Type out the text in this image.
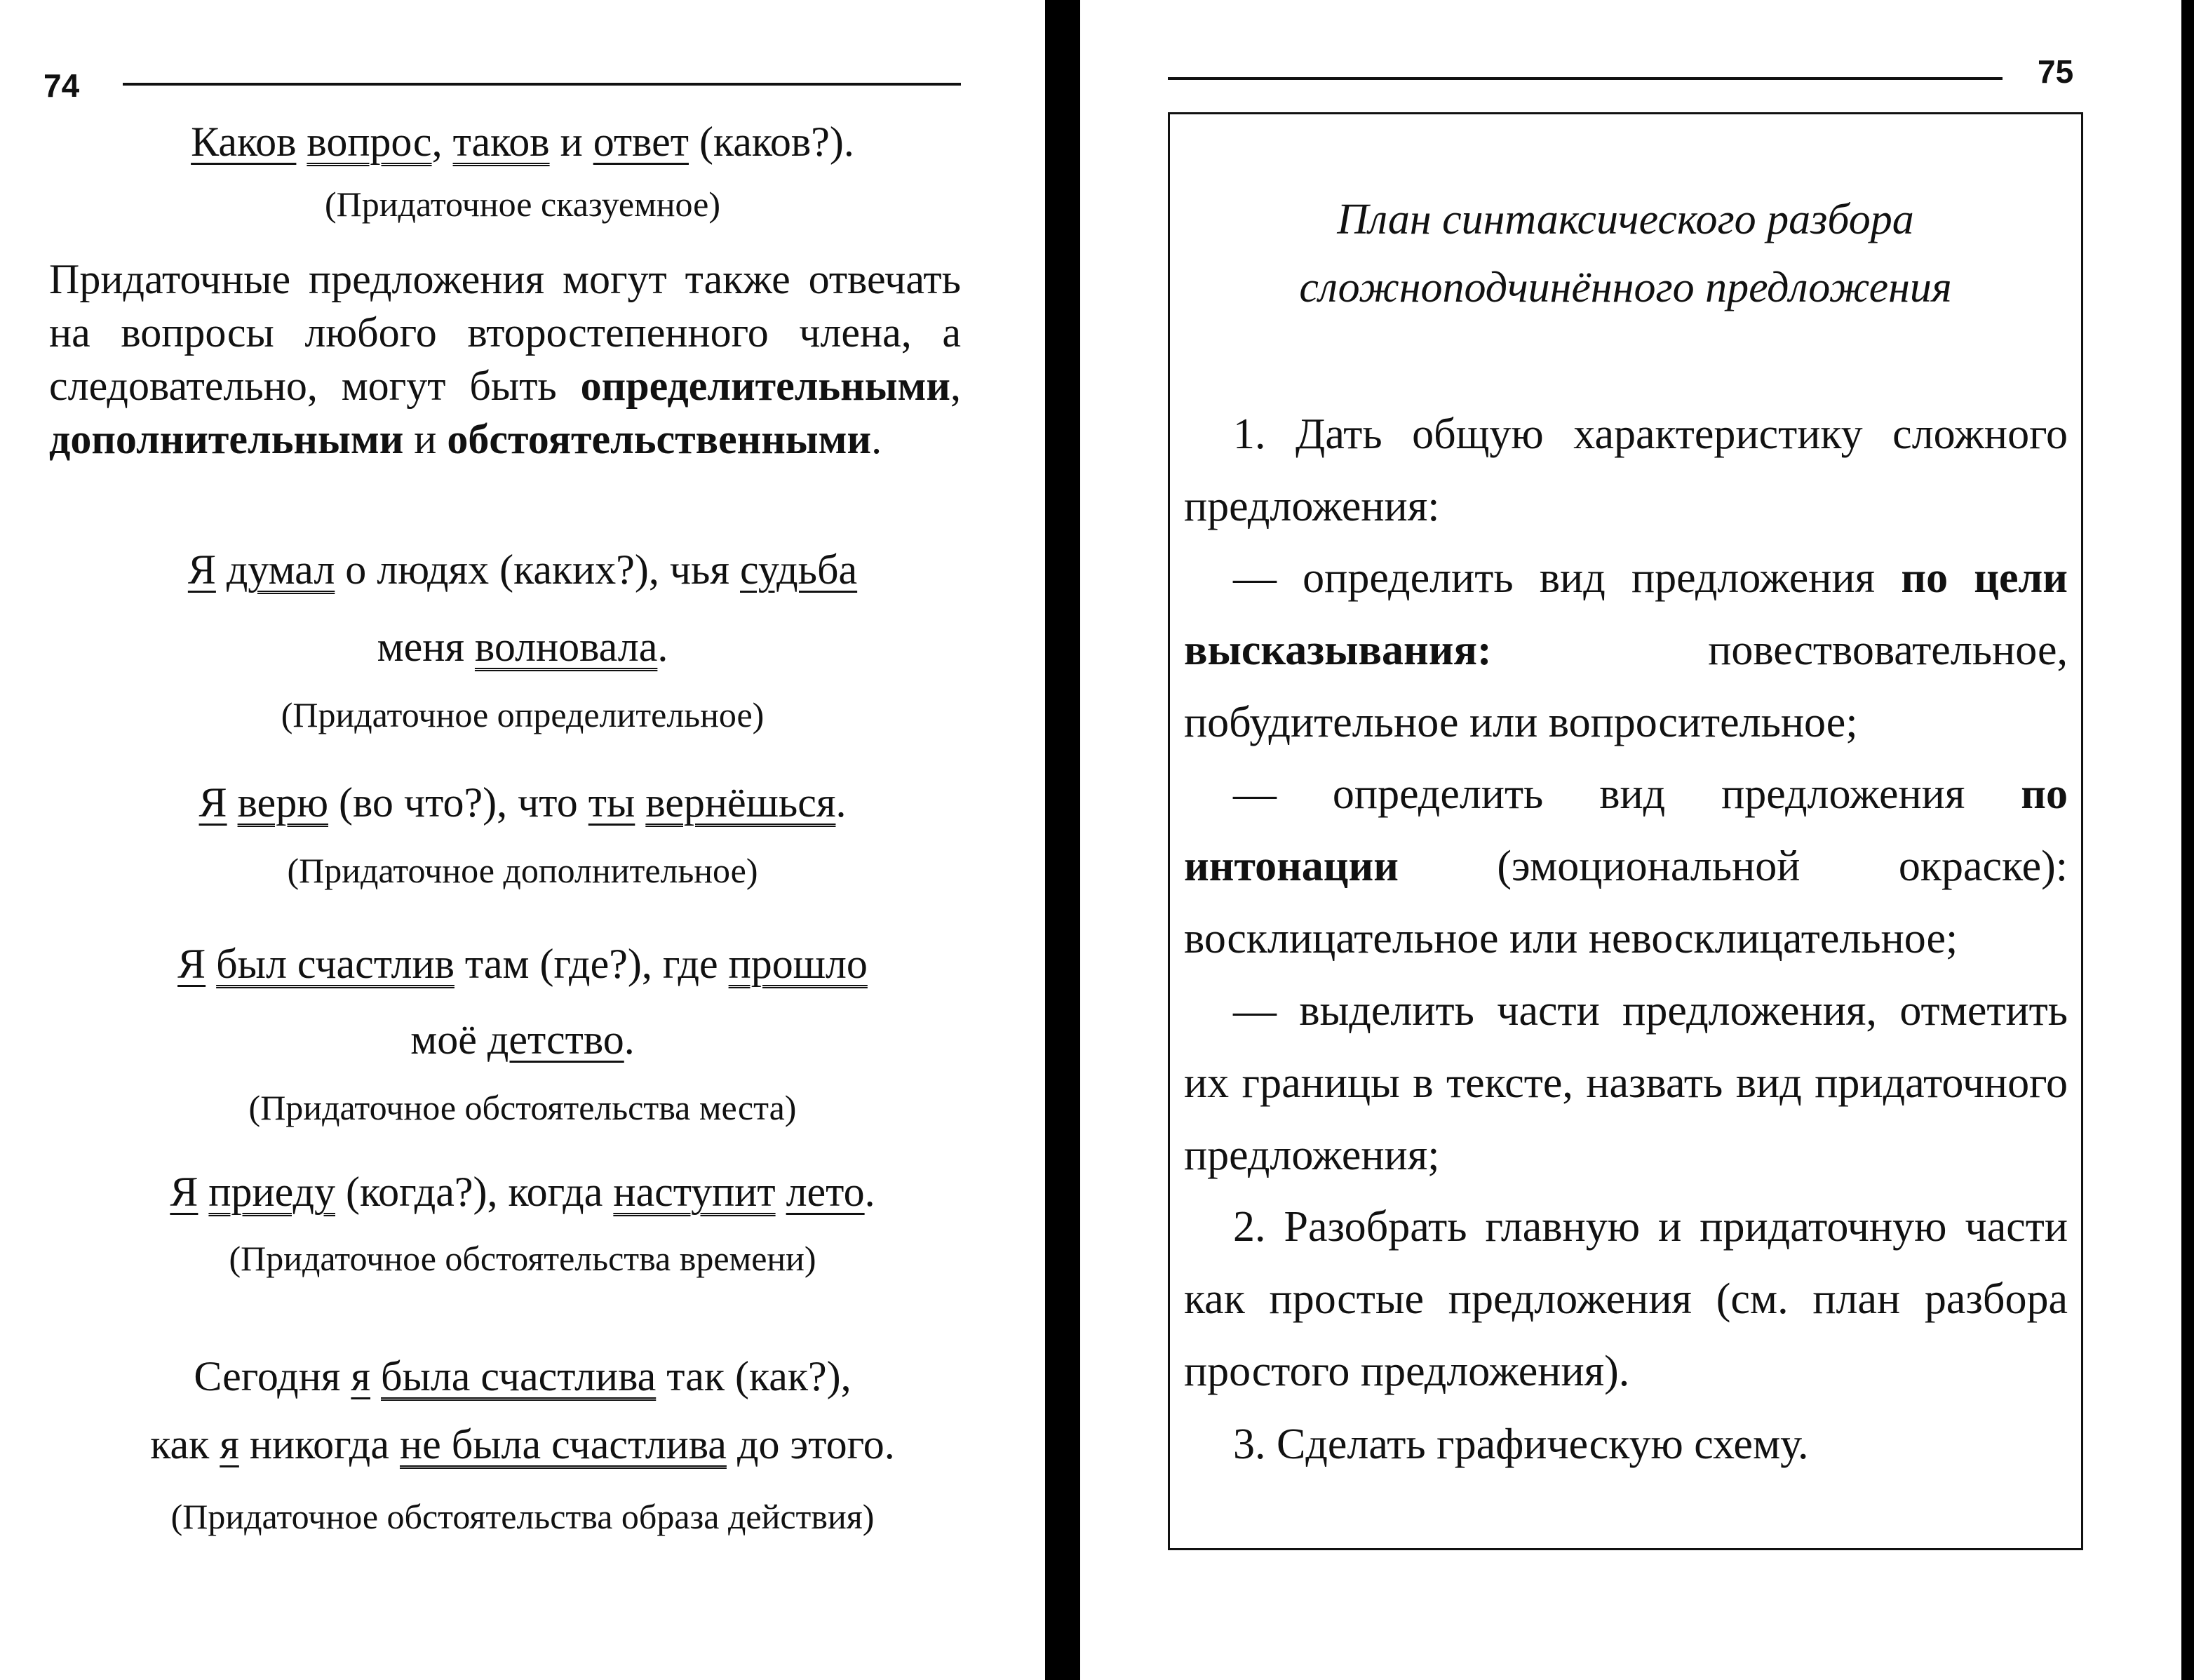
74
Каков вопрос, таков и ответ (каков?).
(Придаточное сказуемное)
Придаточные предложения могут также отвечать на вопросы любого второстепенного члена, а следовательно, могут быть определительными, дополнительными и обстоятельственными.
Я думал о людях (каких?), чья судьба
меня волновала.
(Придаточное определительное)
Я верю (во что?), что ты вернёшься.
(Придаточное дополнительное)
Я был счастлив там (где?), где прошло
моё детство.
(Придаточное обстоятельства места)
Я приеду (когда?), когда наступит лето.
(Придаточное обстоятельства времени)
Сегодня я была счастлива так (как?),
как я никогда не была счастлива до этого.
(Придаточное обстоятельства образа действия)
75
План синтаксического разбора
сложноподчинённого предложения
1. Дать общую характеристику сложного предложения:
— определить вид предложения по цели высказывания: повествовательное, побудительное или вопросительное;
— определить вид предложения по интонации (эмоциональной окраске): восклицательное или невосклицательное;
— выделить части предложения, отметить их границы в тексте, назвать вид придаточного предложения;
2. Разобрать главную и придаточную части как простые предложения (см. план разбора простого предложения).
3. Сделать графическую схему.
